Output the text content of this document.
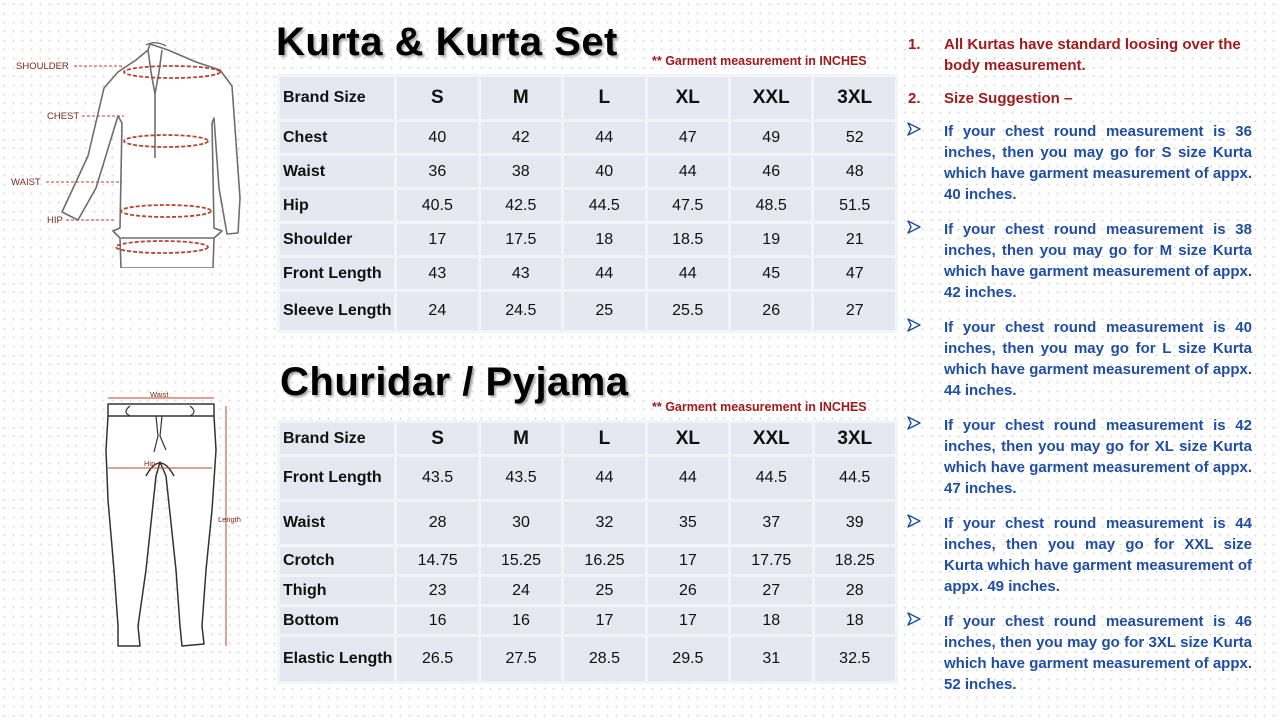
SHOULDER
CHEST
WAIST
HIP
Waist
Hip
Length
Kurta & Kurta Set	** Garment measurement in INCHES
Brand Size	S	M	L	XL	XXL	3XL
Chest	40	42	44	47	49	52
Waist	36	38	40	44	46	48
Hip	40.5	42.5	44.5	47.5	48.5	51.5
Shoulder	17	17.5	18	18.5	19	21
Front Length	43	43	44	44	45	47
Sleeve Length	24	24.5	25	25.5	26	27
Churidar / Pyjama
** Garment measurement in INCHES
Brand Size	S	M	L	XL	XXL	3XL
Front Length	43.5	43.5	44	44	44.5	44.5
Waist	28	30	32	35	37	39
Crotch	14.75	15.25	16.25	17	17.75	18.25
Thigh	23	24	25	26	27	28
Bottom	16	16	17	17	18	18
Elastic Length	26.5	27.5	28.5	29.5	31	32.5
1. All Kurtas have standard loosing over the body measurement.
2. Size Suggestion –
If your chest round measurement is 36 inches, then you may go for S size Kurta which have garment measurement of appx. 40 inches.
If your chest round measurement is 38 inches, then you may go for M size Kurta which have garment measurement of appx. 42 inches.
If your chest round measurement is 40 inches, then you may go for L size Kurta which have garment measurement of appx. 44 inches.
If your chest round measurement is 42 inches, then you may go for XL size Kurta which have garment measurement of appx. 47 inches.
If your chest round measurement is 44 inches, then you may go for XXL size Kurta which have garment measurement of appx. 49 inches.
If your chest round measurement is 46 inches, then you may go for 3XL size Kurta which have garment measurement of appx. 52 inches.
